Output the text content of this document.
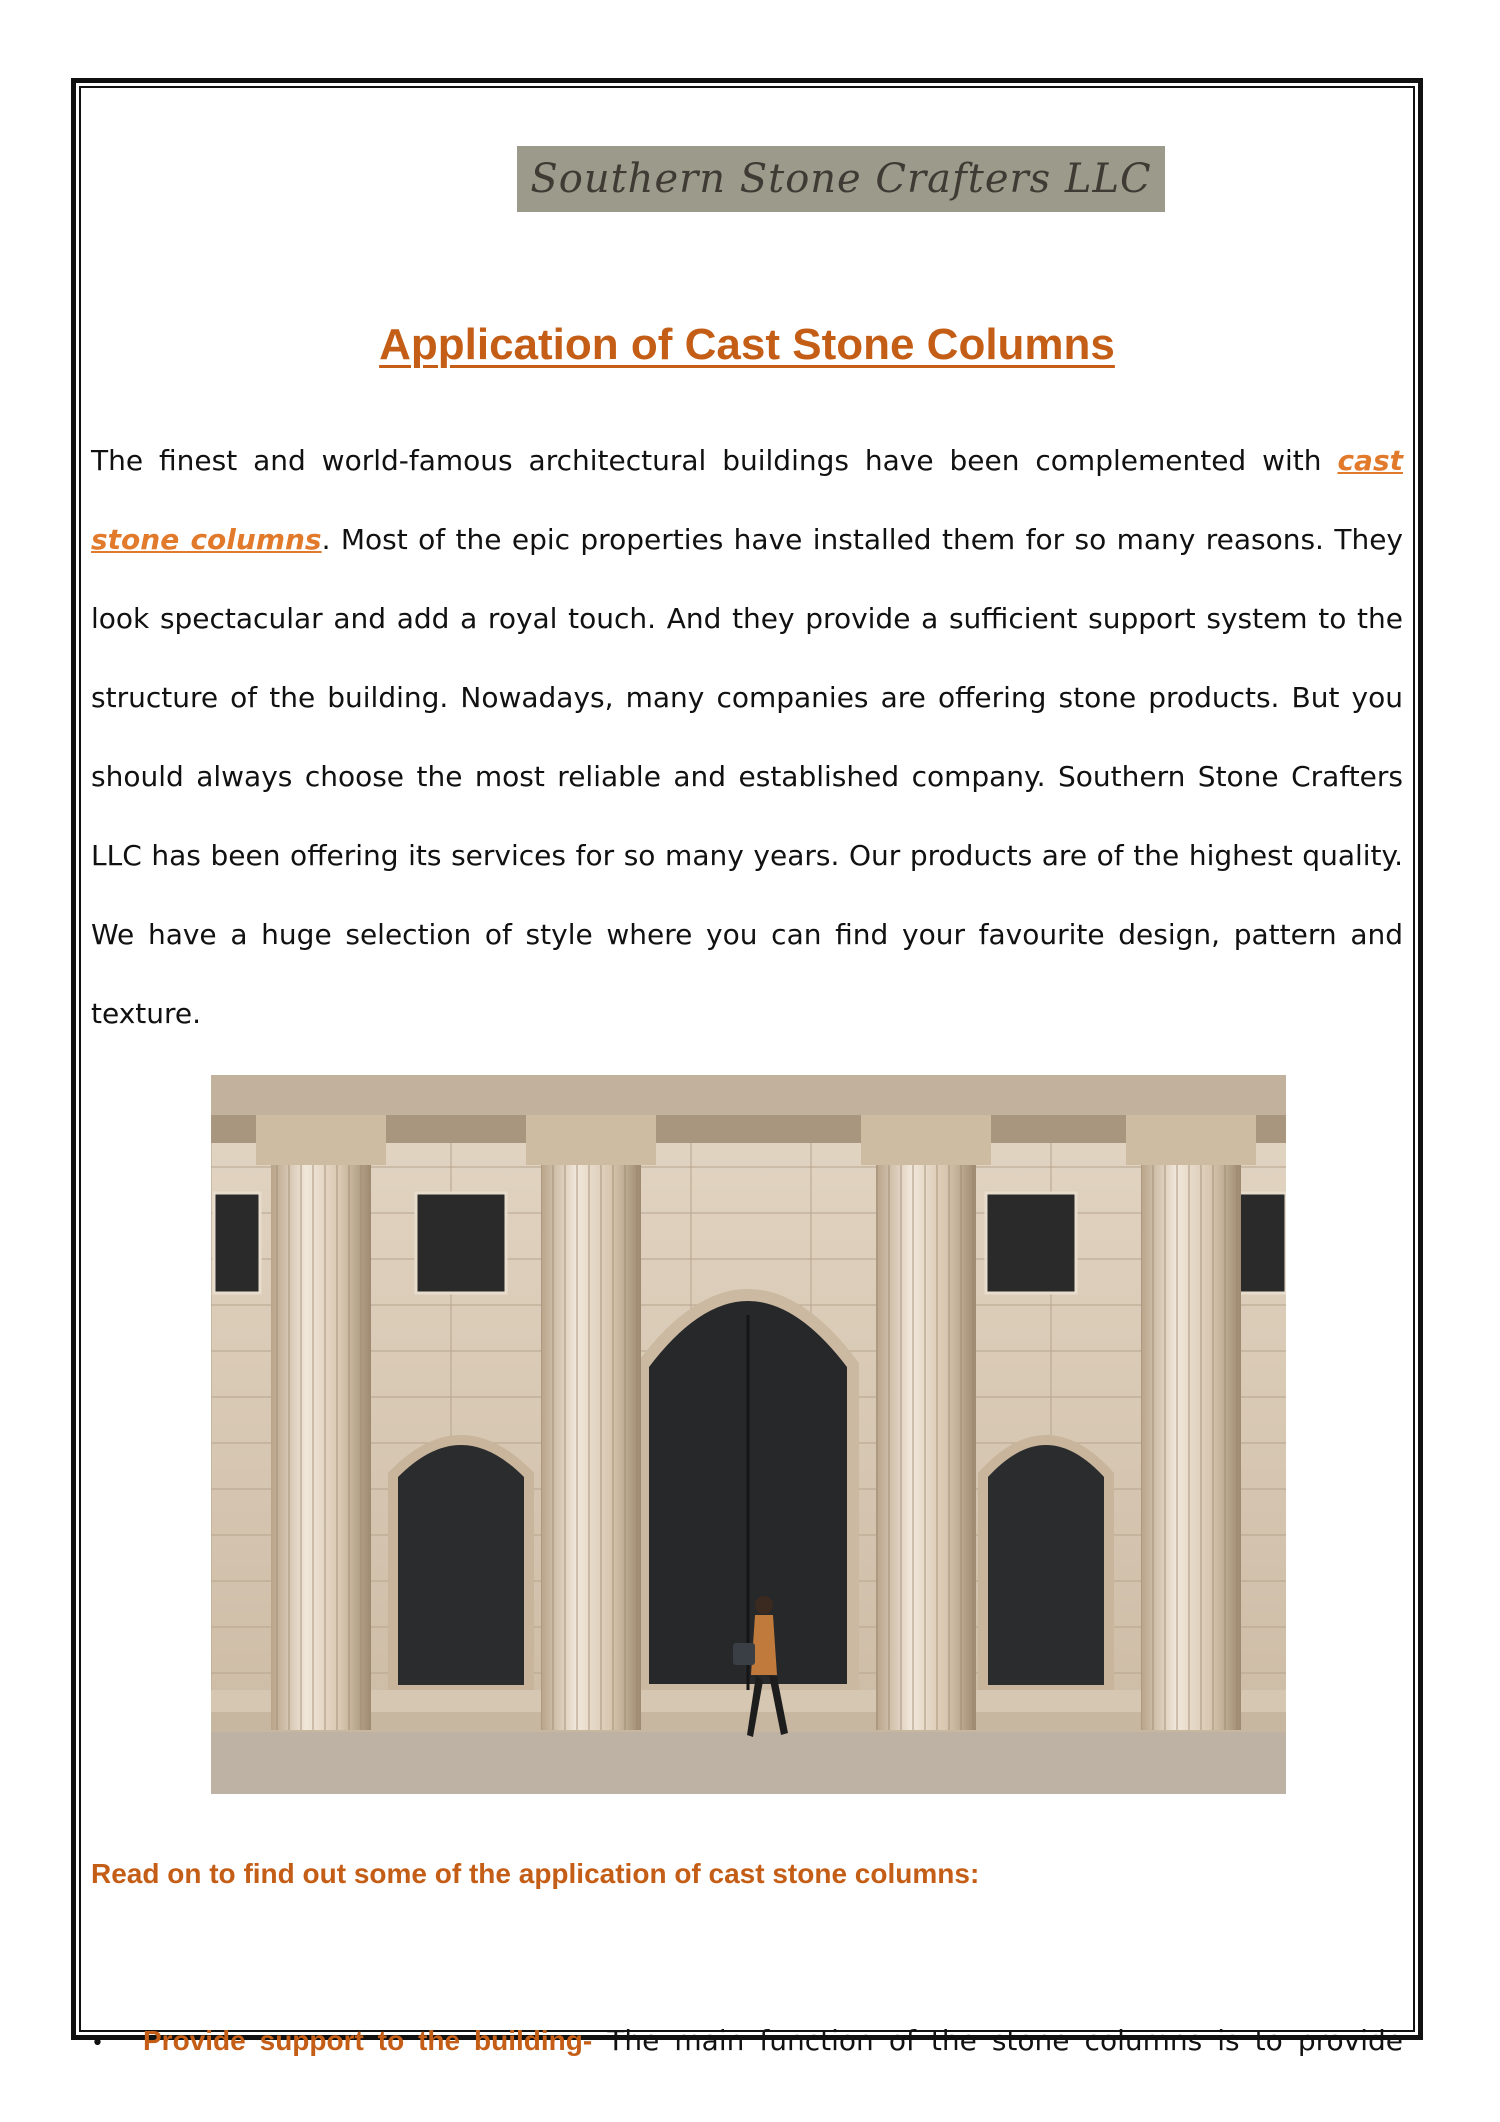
Southern Stone Crafters LLC
Application of Cast Stone Columns

The finest and world-famous architectural buildings have been complemented with cast stone columns. Most of the epic properties have installed them for so many reasons. They look spectacular and add a royal touch. And they provide a sufficient support system to the structure of the building. Nowadays, many companies are offering stone products. But you should always choose the most reliable and established company. Southern Stone Crafters LLC has been offering its services for so many years. Our products are of the highest quality. We have a huge selection of style where you can find your favourite design, pattern and texture.

Read on to find out some of the application of cast stone columns:
•	Provide support to the building- The main function of the stone columns is to provide
